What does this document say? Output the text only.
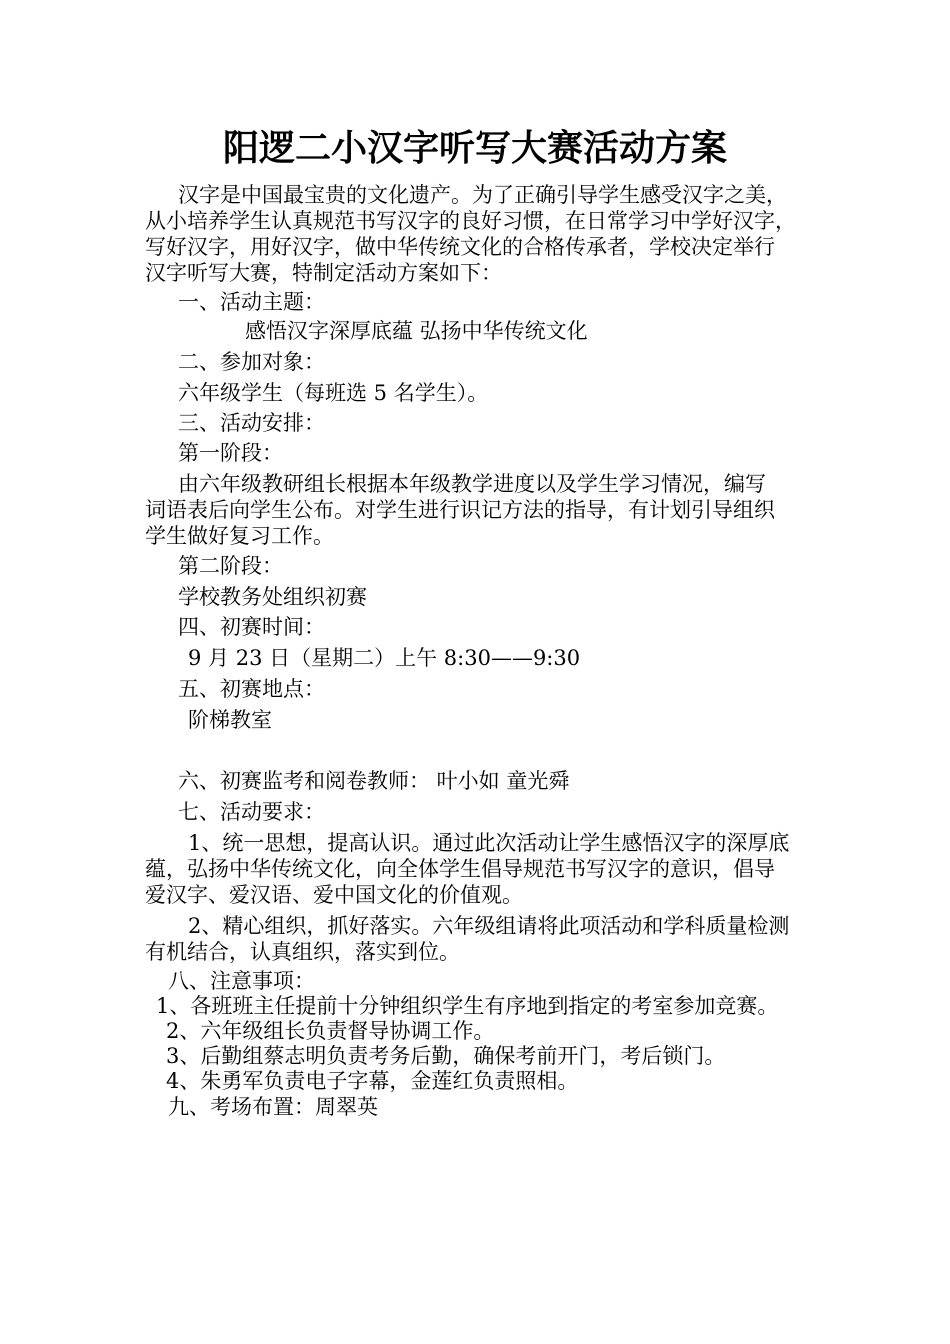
阳逻二小汉字听写大赛活动方案

汉字是中国最宝贵的文化遗产。为了正确引导学生感受汉字之美，

从小培养学生认真规范书写汉字的良好习惯，在日常学习中学好汉字，

写好汉字，用好汉字，做中华传统文化的合格传承者，学校决定举行

汉字听写大赛，特制定活动方案如下：

一、活动主题：

感悟汉字深厚底蕴 弘扬中华传统文化

二、参加对象：

六年级学生（每班选 5 名学生）。

三、活动安排：

第一阶段：

由六年级教研组长根据本年级教学进度以及学生学习情况，编写

词语表后向学生公布。对学生进行识记方法的指导，有计划引导组织

学生做好复习工作。

第二阶段：

学校教务处组织初赛

四、初赛时间：

9 月 23 日（星期二）上午 8:30——9:30

五、初赛地点：

阶梯教室

六、初赛监考和阅卷教师： 叶小如 童光舜

七、活动要求：

1、统一思想，提高认识。通过此次活动让学生感悟汉字的深厚底

蕴，弘扬中华传统文化，向全体学生倡导规范书写汉字的意识，倡导

爱汉字、爱汉语、爱中国文化的价值观。

2、精心组织，抓好落实。六年级组请将此项活动和学科质量检测

有机结合，认真组织，落实到位。

八、注意事项：

1、各班班主任提前十分钟组织学生有序地到指定的考室参加竞赛。

2、六年级组长负责督导协调工作。

3、后勤组蔡志明负责考务后勤，确保考前开门，考后锁门。

4、朱勇军负责电子字幕，金莲红负责照相。

九、考场布置：周翠英
